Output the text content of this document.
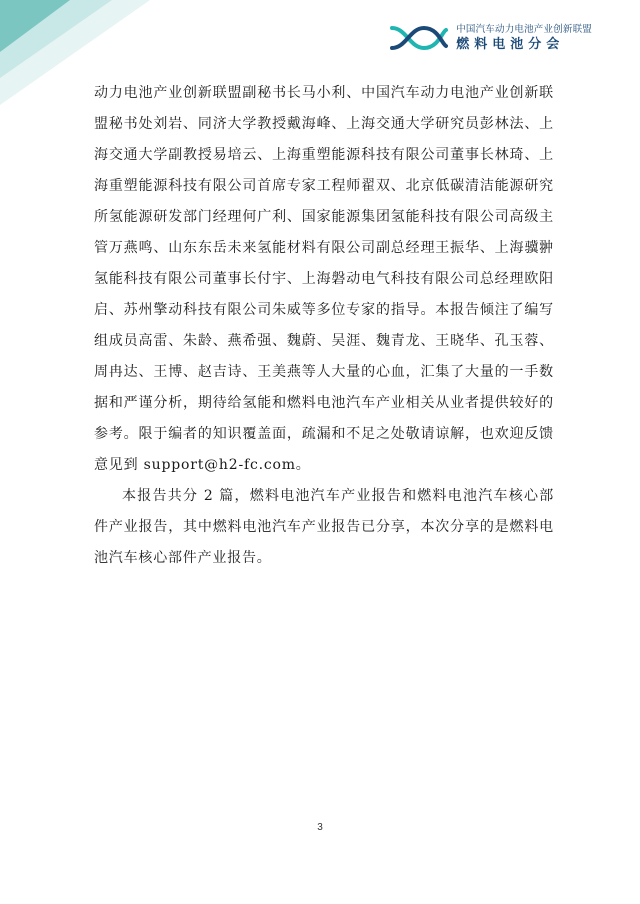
中国汽车动力电池产业创新联盟
燃料电池分会

动力电池产业创新联盟副秘书长马小利、中国汽车动力电池产业创新联盟秘书处刘岩、同济大学教授戴海峰、上海交通大学研究员彭林法、上海交通大学副教授易培云、上海重塑能源科技有限公司董事长林琦、上海重塑能源科技有限公司首席专家工程师翟双、北京低碳清洁能源研究所氢能源研发部门经理何广利、国家能源集团氢能科技有限公司高级主管万燕鸣、山东东岳未来氢能材料有限公司副总经理王振华、上海骥翀氢能科技有限公司董事长付宇、上海磐动电气科技有限公司总经理欧阳启、苏州擎动科技有限公司朱威等多位专家的指导。本报告倾注了编写组成员高雷、朱龄、燕希强、魏蔚、吴涯、魏青龙、王晓华、孔玉蓉、周冉达、王博、赵吉诗、王美燕等人大量的心血，汇集了大量的一手数据和严谨分析，期待给氢能和燃料电池汽车产业相关从业者提供较好的参考。限于编者的知识覆盖面，疏漏和不足之处敬请谅解，也欢迎反馈意见到 support@h2-fc.com。

本报告共分 2 篇，燃料电池汽车产业报告和燃料电池汽车核心部件产业报告，其中燃料电池汽车产业报告已分享，本次分享的是燃料电池汽车核心部件产业报告。

3
